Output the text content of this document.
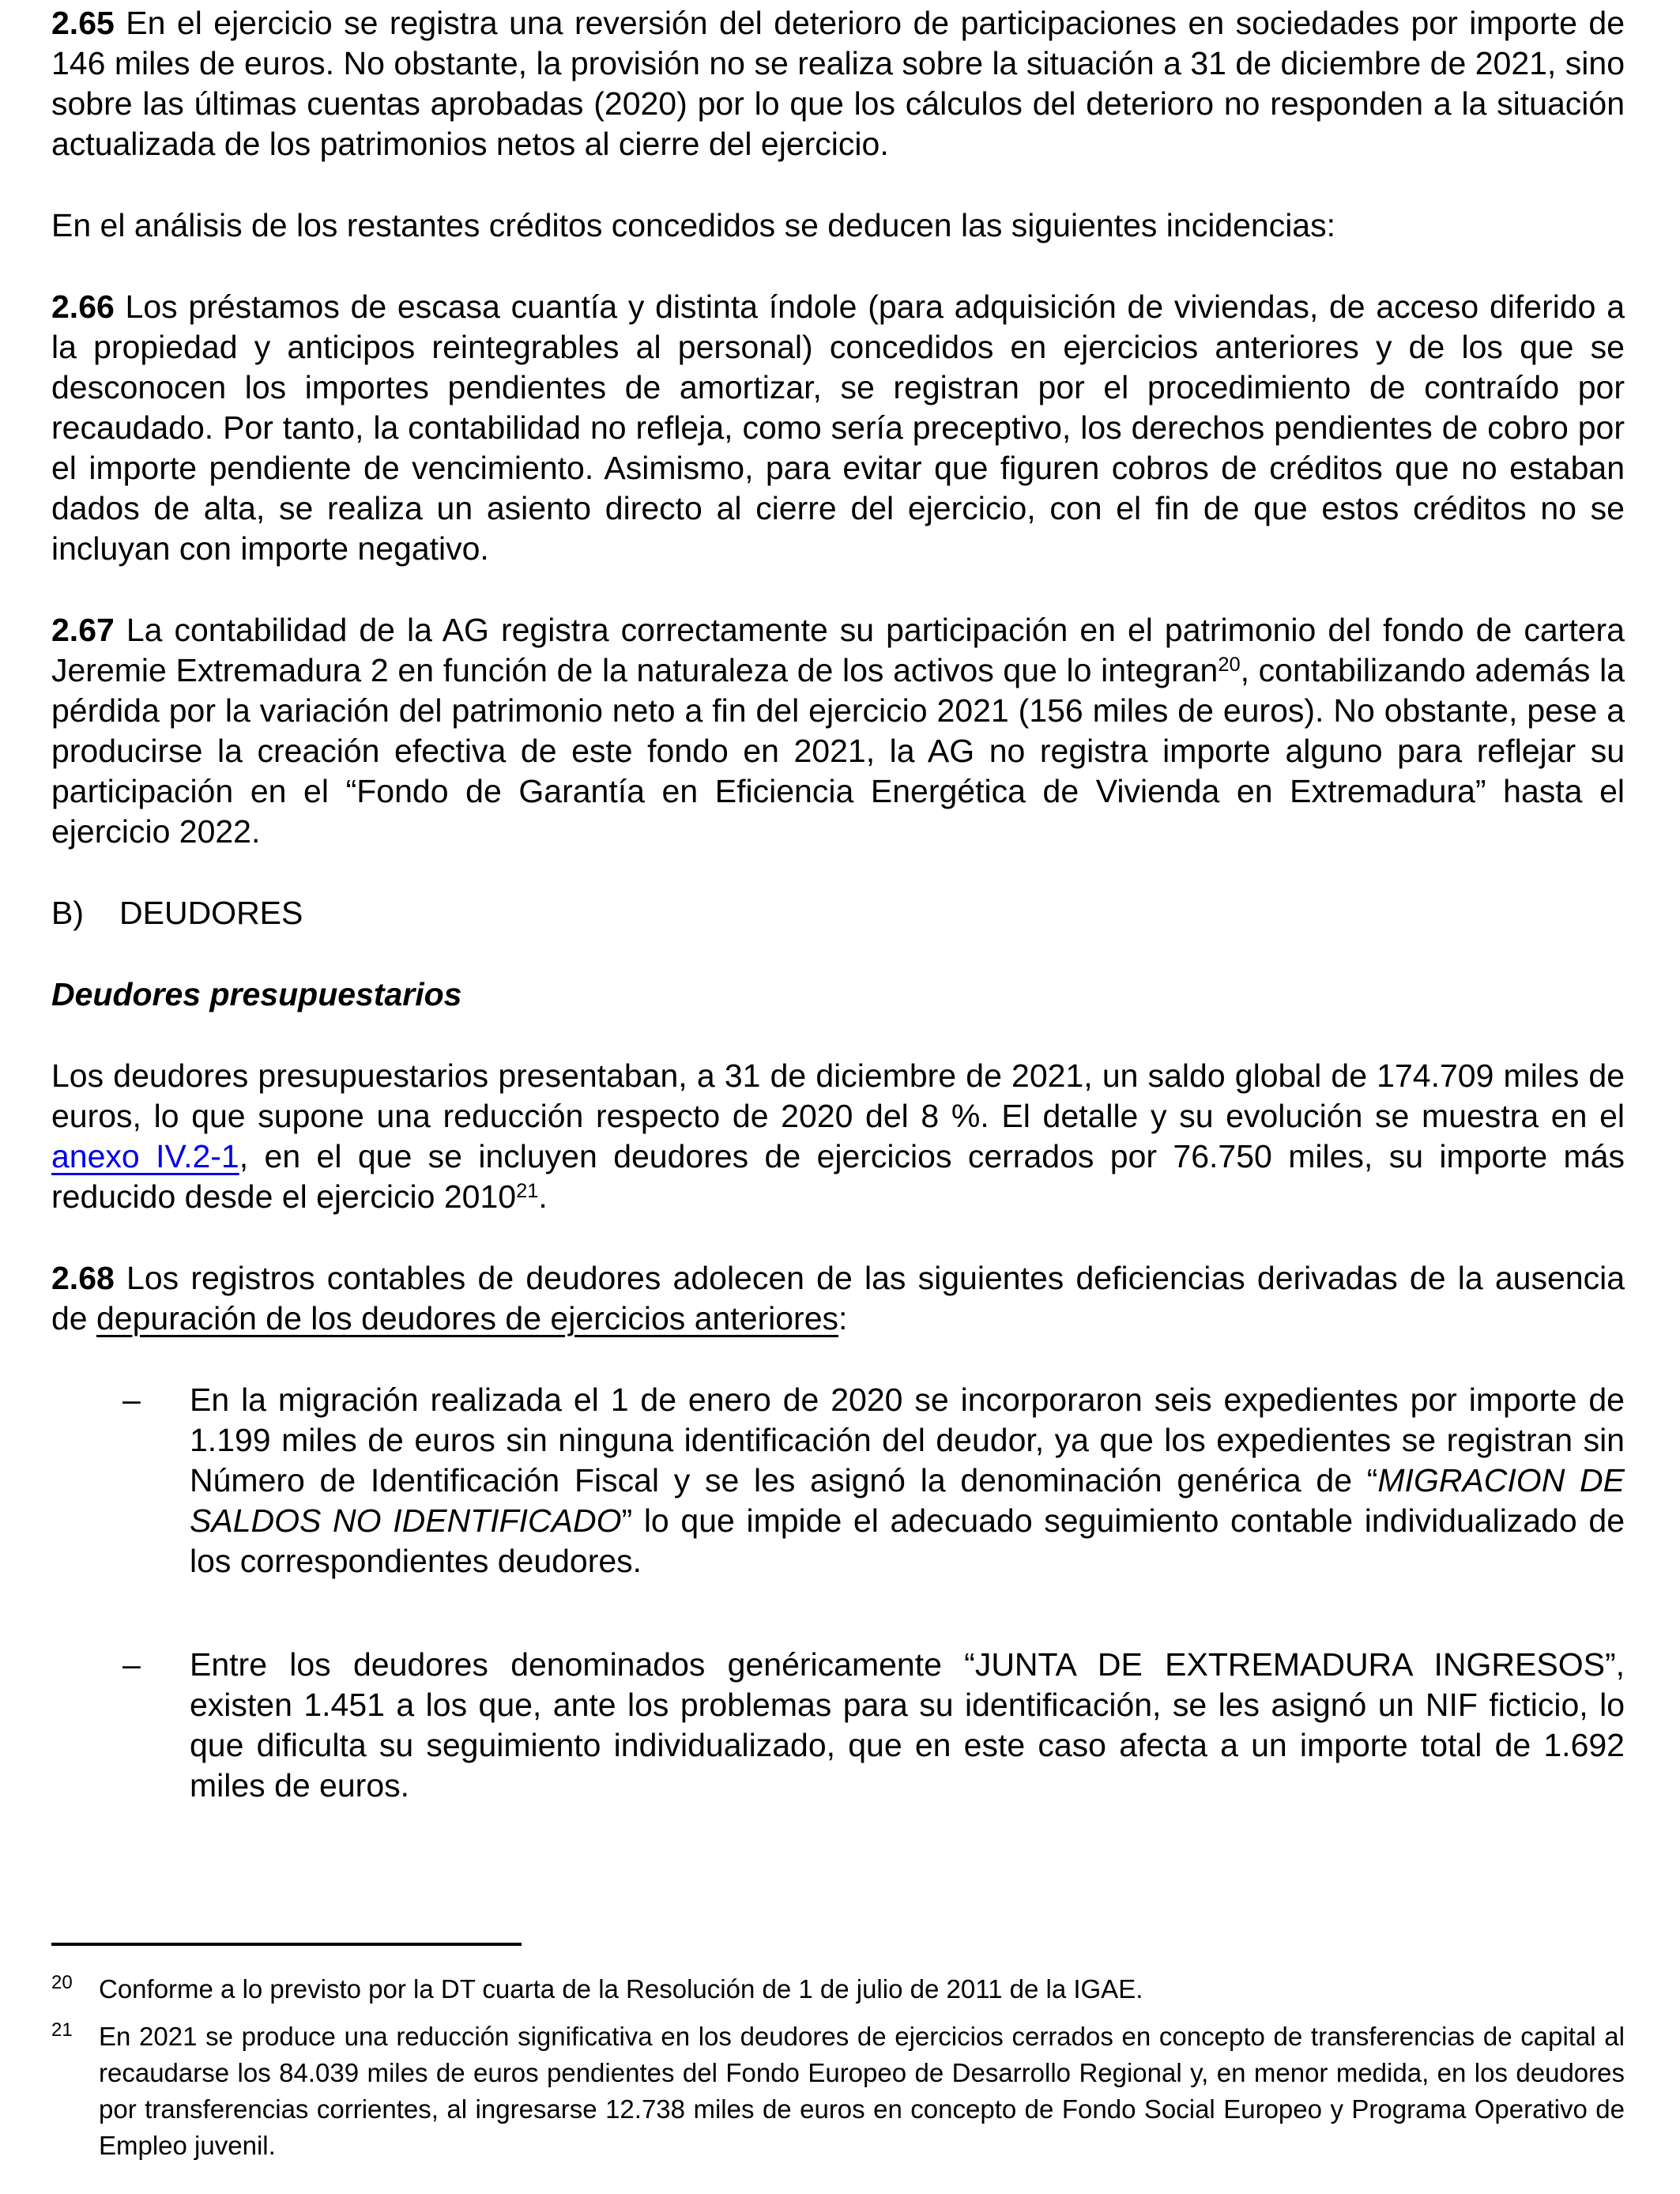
2.65 En el ejercicio se registra una reversión del deterioro de participaciones en sociedades por importe de 146 miles de euros. No obstante, la provisión no se realiza sobre la situación a 31 de diciembre de 2021, sino sobre las últimas cuentas aprobadas (2020) por lo que los cálculos del deterioro no responden a la situación actualizada de los patrimonios netos al cierre del ejercicio.

En el análisis de los restantes créditos concedidos se deducen las siguientes incidencias:

2.66 Los préstamos de escasa cuantía y distinta índole (para adquisición de viviendas, de acceso diferido a la propiedad y anticipos reintegrables al personal) concedidos en ejercicios anteriores y de los que se desconocen los importes pendientes de amortizar, se registran por el procedimiento de contraído por recaudado. Por tanto, la contabilidad no refleja, como sería preceptivo, los derechos pendientes de cobro por el importe pendiente de vencimiento. Asimismo, para evitar que figuren cobros de créditos que no estaban dados de alta, se realiza un asiento directo al cierre del ejercicio, con el fin de que estos créditos no se incluyan con importe negativo.

2.67 La contabilidad de la AG registra correctamente su participación en el patrimonio del fondo de cartera Jeremie Extremadura 2 en función de la naturaleza de los activos que lo integran$^{20}$, contabilizando además la pérdida por la variación del patrimonio neto a fin del ejercicio 2021 (156 miles de euros). No obstante, pese a producirse la creación efectiva de este fondo en 2021, la AG no registra importe alguno para reflejar su participación en el “Fondo de Garantía en Eficiencia Energética de Vivienda en Extremadura” hasta el ejercicio 2022.

B) DEUDORES

Deudores presupuestarios

Los deudores presupuestarios presentaban, a 31 de diciembre de 2021, un saldo global de 174.709 miles de euros, lo que supone una reducción respecto de 2020 del 8 %. El detalle y su evolución se muestra en el anexo IV.2-1, en el que se incluyen deudores de ejercicios cerrados por 76.750 miles, su importe más reducido desde el ejercicio 2010$^{21}$.

2.68 Los registros contables de deudores adolecen de las siguientes deficiencias derivadas de la ausencia de depuración de los deudores de ejercicios anteriores:

– En la migración realizada el 1 de enero de 2020 se incorporaron seis expedientes por importe de 1.199 miles de euros sin ninguna identificación del deudor, ya que los expedientes se registran sin Número de Identificación Fiscal y se les asignó la denominación genérica de “MIGRACION DE SALDOS NO IDENTIFICADO” lo que impide el adecuado seguimiento contable individualizado de los correspondientes deudores.
– Entre los deudores denominados genéricamente “JUNTA DE EXTREMADURA INGRESOS”, existen 1.451 a los que, ante los problemas para su identificación, se les asignó un NIF ficticio, lo que dificulta su seguimiento individualizado, que en este caso afecta a un importe total de 1.692 miles de euros.
20 Conforme a lo previsto por la DT cuarta de la Resolución de 1 de julio de 2011 de la IGAE.
21 En 2021 se produce una reducción significativa en los deudores de ejercicios cerrados en concepto de transferencias de capital al recaudarse los 84.039 miles de euros pendientes del Fondo Europeo de Desarrollo Regional y, en menor medida, en los deudores por transferencias corrientes, al ingresarse 12.738 miles de euros en concepto de Fondo Social Europeo y Programa Operativo de Empleo juvenil.
